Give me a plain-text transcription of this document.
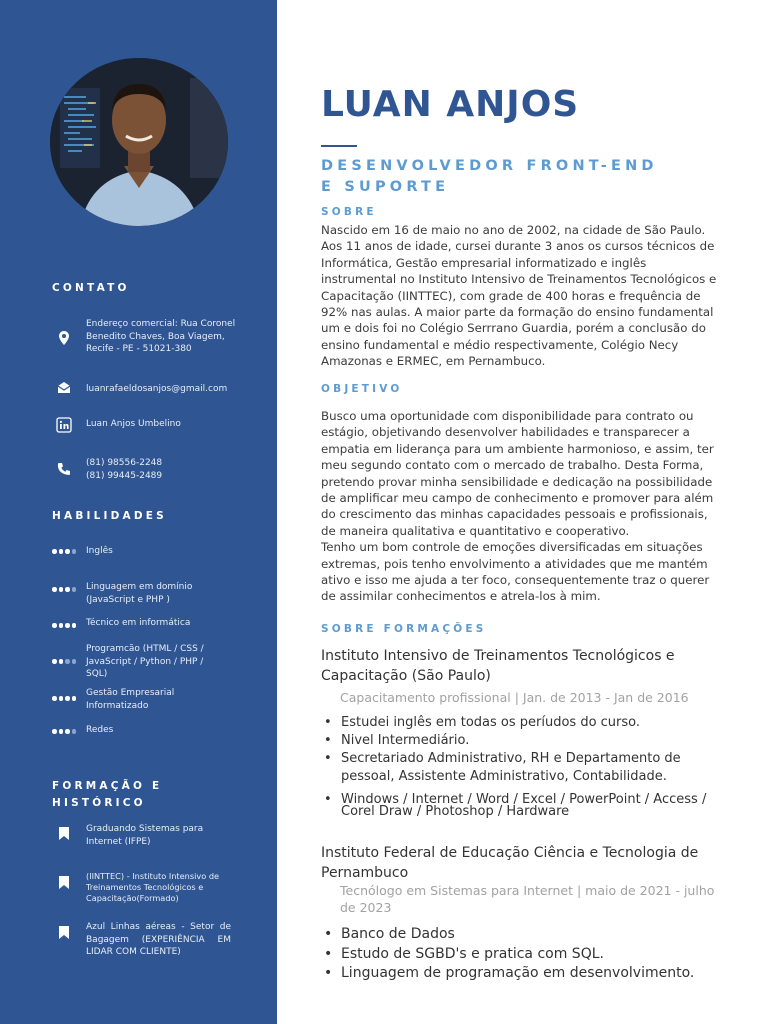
CONTATO
Endereço comercial: Rua Coronel Benedito Chaves, Boa Viagem, Recife - PE - 51021-380
luanrafaeldosanjos@gmail.com
Luan Anjos Umbelino
(81) 98556-2248
(81) 99445-2489
HABILIDADES
Inglês
Linguagem em domínio (JavaScript e PHP )
Técnico em informática
Programcão (HTML / CSS / JavaScript / Python / PHP / SQL)
Gestão Empresarial Informatizado
Redes
FORMAÇÃO E
HISTÓRICO
Graduando Sistemas para Internet (IFPE)
(IINTTEC) - Instituto Intensivo de Treinamentos Tecnológicos e Capacitação(Formado)
Azul Linhas aéreas - Setor de Bagagem (EXPERIÊNCIA EM LIDAR COM CLIENTE)
LUAN ANJOS
DESENVOLVEDOR FRONT-END
E SUPORTE
SOBRE
Nascido em 16 de maio no ano de 2002, na cidade de São Paulo. Aos 11 anos de idade, cursei durante 3 anos os cursos técnicos de Informática, Gestão empresarial informatizado e inglês instrumental no Instituto Intensivo de Treinamentos Tecnológicos e Capacitação (IINTTEC), com grade de 400 horas e frequência de 92% nas aulas. A maior parte da formação do ensino fundamental um e dois foi no Colégio Serrrano Guardia, porém a conclusão do ensino fundamental e médio respectivamente, Colégio Necy Amazonas e ERMEC, em Pernambuco.
OBJETIVO
Busco uma oportunidade com disponibilidade para contrato ou estágio, objetivando desenvolver habilidades e transparecer a empatia em liderança para um ambiente harmonioso, e assim, ter meu segundo contato com o mercado de trabalho. Desta Forma, pretendo provar minha sensibilidade e dedicação na possibilidade de amplificar meu campo de conhecimento e promover para além do crescimento das minhas capacidades pessoais e profissionais, de maneira qualitativa e quantitativo e cooperativo.
Tenho um bom controle de emoções diversificadas em situações extremas, pois tenho envolvimento a atividades que me mantém ativo e isso me ajuda a ter foco, consequentemente traz o querer de assimilar conhecimentos e atrela-los à mim.
SOBRE FORMAÇÕES
Instituto Intensivo de Treinamentos Tecnológicos e Capacitação (São Paulo)
Capacitamento profissional | Jan. de 2013 - Jan de 2016
• Estudei inglês em todas os períudos do curso.
• Nivel Intermediário.
• Secretariado Administrativo, RH e Departamento de pessoal, Assistente Administrativo, Contabilidade.
• Windows / Internet / Word / Excel / PowerPoint / Access / Corel Draw / Photoshop / Hardware
Instituto Federal de Educação Ciência e Tecnologia de Pernambuco
Tecnólogo em Sistemas para Internet | maio de 2021 - julho de 2023
• Banco de Dados
• Estudo de SGBD's e pratica com SQL.
• Linguagem de programação em desenvolvimento.
